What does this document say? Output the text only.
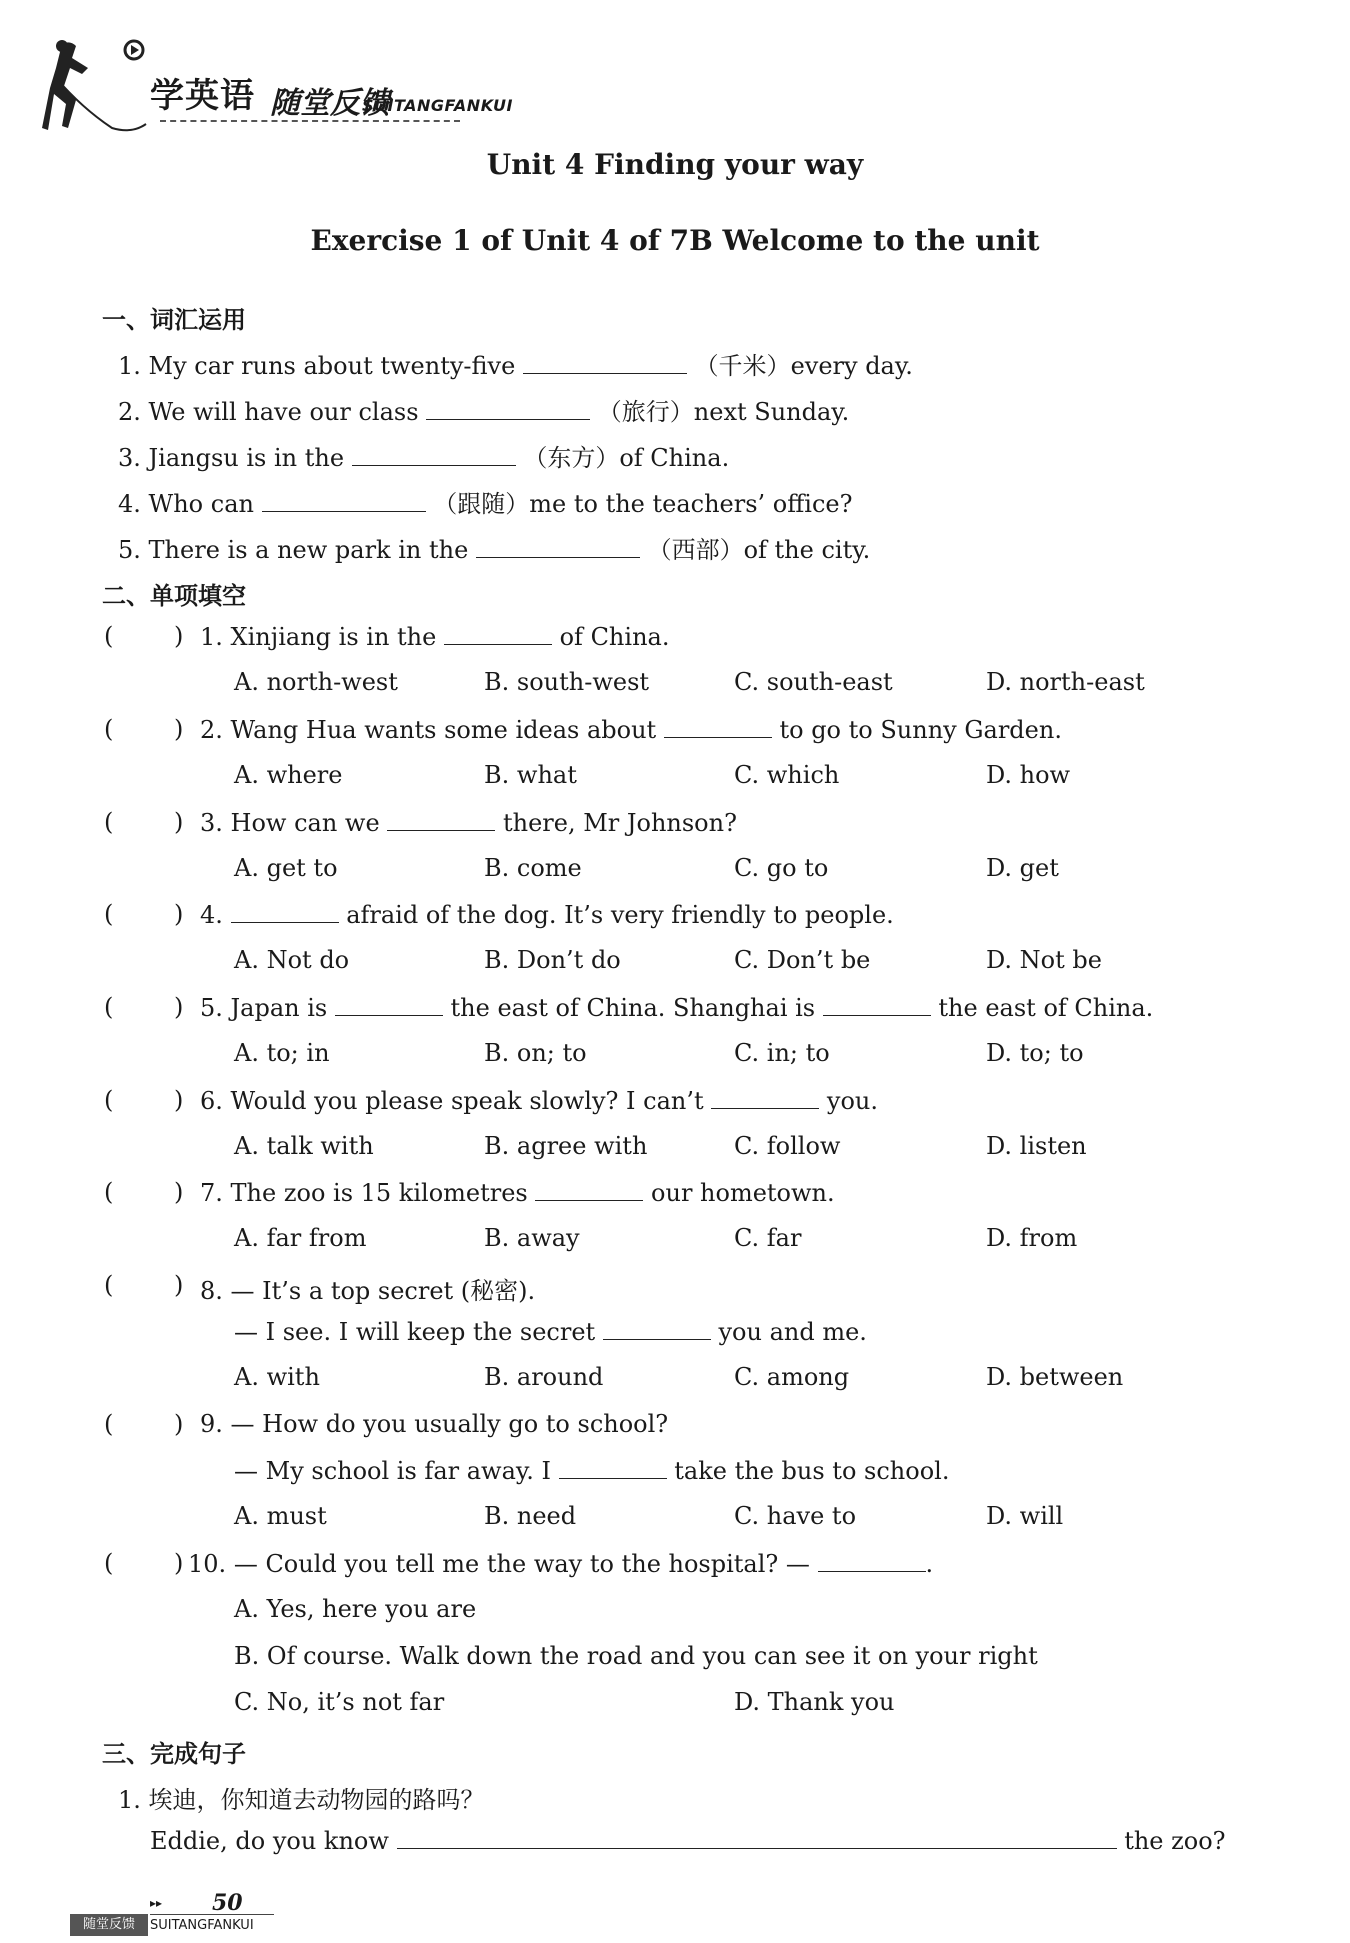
学英语 随堂反馈
SUITANGFANKUI
Unit 4 Finding your way
Exercise 1 of Unit 4 of 7B Welcome to the unit
一、词汇运用
1. My car runs about twenty-five	（千米）every day.
2. We will have our class	（旅行）next Sunday.
3. Jiangsu is in the	（东方）of China.
4. Who can	（跟随）me to the teachers’ office?
5. There is a new park in the	（西部）of the city.
二、单项填空
(	) 1. Xinjiang is in the	of China.
A. north-west	B. south-west	C. south-east	D. north-east
(	) 2. Wang Hua wants some ideas about	to go to Sunny Garden.
A. where	B. what	C. which	D. how
(	) 3. How can we	there, Mr Johnson?
A. get to	B. come	C. go to	D. get
(	) 4.	afraid of the dog. It’s very friendly to people.
A. Not do	B. Don’t do	C. Don’t be	D. Not be
(	) 5. Japan is	the east of China. Shanghai is	the east of China.
A. to; in	B. on; to	C. in; to	D. to; to
(	) 6. Would you please speak slowly? I can’t	you.
A. talk with	B. agree with	C. follow	D. listen
(	) 7. The zoo is 15 kilometres	our hometown.
A. far from	B. away	C. far	D. from
(	) 8. — It’s a top secret (秘密).
— I see. I will keep the secret	you and me.
A. with	B. around	C. among	D. between
(	) 9. — How do you usually go to school?
— My school is far away. I	take the bus to school.
A. must	B. need	C. have to	D. will
(	) 10. — Could you tell me the way to the hospital? —	.
A. Yes, here you are
B. Of course. Walk down the road and you can see it on your right
C. No, it’s not far	D. Thank you
三、完成句子
1. 埃迪，你知道去动物园的路吗？
Eddie, do you know	the zoo?
▸▸ 50
随堂反馈	SUITANGFANKUI
